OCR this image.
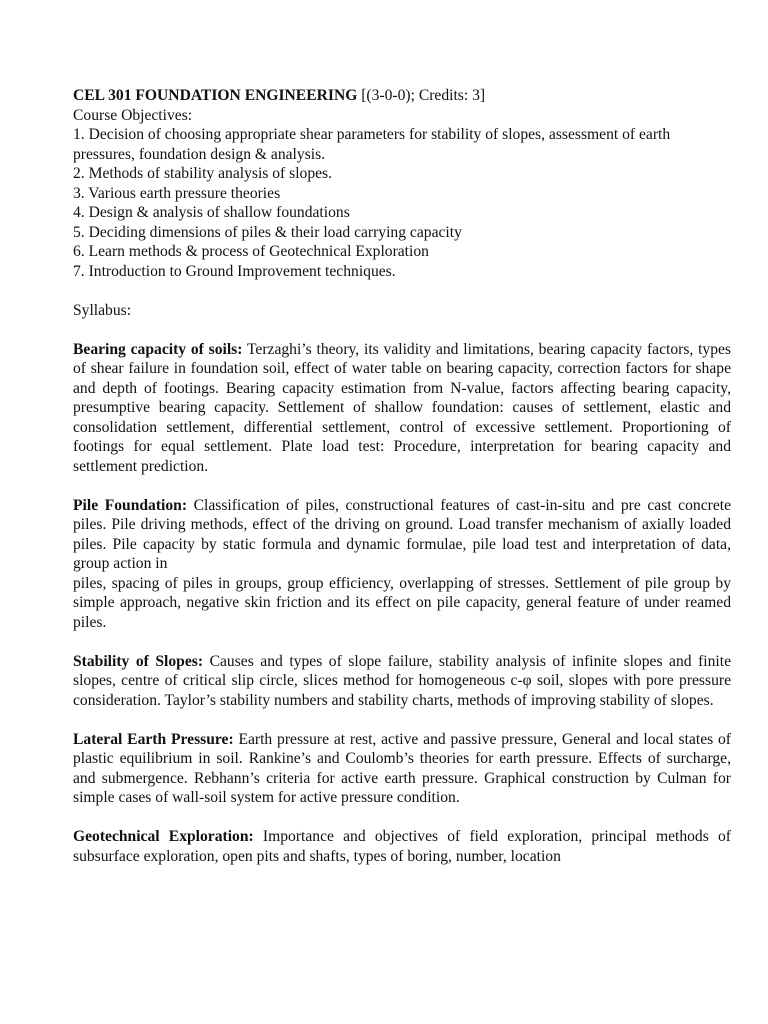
CEL 301 FOUNDATION ENGINEERING [(3-0-0); Credits: 3]
Course Objectives:
1. Decision of choosing appropriate shear parameters for stability of slopes, assessment of earth
pressures, foundation design & analysis.
2. Methods of stability analysis of slopes.
3. Various earth pressure theories
4. Design & analysis of shallow foundations
5. Deciding dimensions of piles & their load carrying capacity
6. Learn methods & process of Geotechnical Exploration
7. Introduction to Ground Improvement techniques.
Syllabus:

Bearing capacity of soils: Terzaghi’s theory, its validity and limitations, bearing capacity factors, types of shear failure in foundation soil, effect of water table on bearing capacity, correction factors for shape and depth of footings. Bearing capacity estimation from N-value, factors affecting bearing capacity, presumptive bearing capacity. Settlement of shallow foundation: causes of settlement, elastic and consolidation settlement, differential settlement, control of excessive settlement. Proportioning of footings for equal settlement. Plate load test: Procedure, interpretation for bearing capacity and settlement prediction.

Pile Foundation: Classification of piles, constructional features of cast-in-situ and pre cast concrete piles. Pile driving methods, effect of the driving on ground. Load transfer mechanism of axially loaded piles. Pile capacity by static formula and dynamic formulae, pile load test and interpretation of data, group action in

piles, spacing of piles in groups, group efficiency, overlapping of stresses. Settlement of pile group by simple approach, negative skin friction and its effect on pile capacity, general feature of under reamed piles.

Stability of Slopes: Causes and types of slope failure, stability analysis of infinite slopes and finite slopes, centre of critical slip circle, slices method for homogeneous c-φ soil, slopes with pore pressure consideration. Taylor’s stability numbers and stability charts, methods of improving stability of slopes.

Lateral Earth Pressure: Earth pressure at rest, active and passive pressure, General and local states of plastic equilibrium in soil. Rankine’s and Coulomb’s theories for earth pressure. Effects of surcharge, and submergence. Rebhann’s criteria for active earth pressure. Graphical construction by Culman for simple cases of wall-soil system for active pressure condition.

Geotechnical Exploration: Importance and objectives of field exploration, principal methods of subsurface exploration, open pits and shafts, types of boring, number, location
